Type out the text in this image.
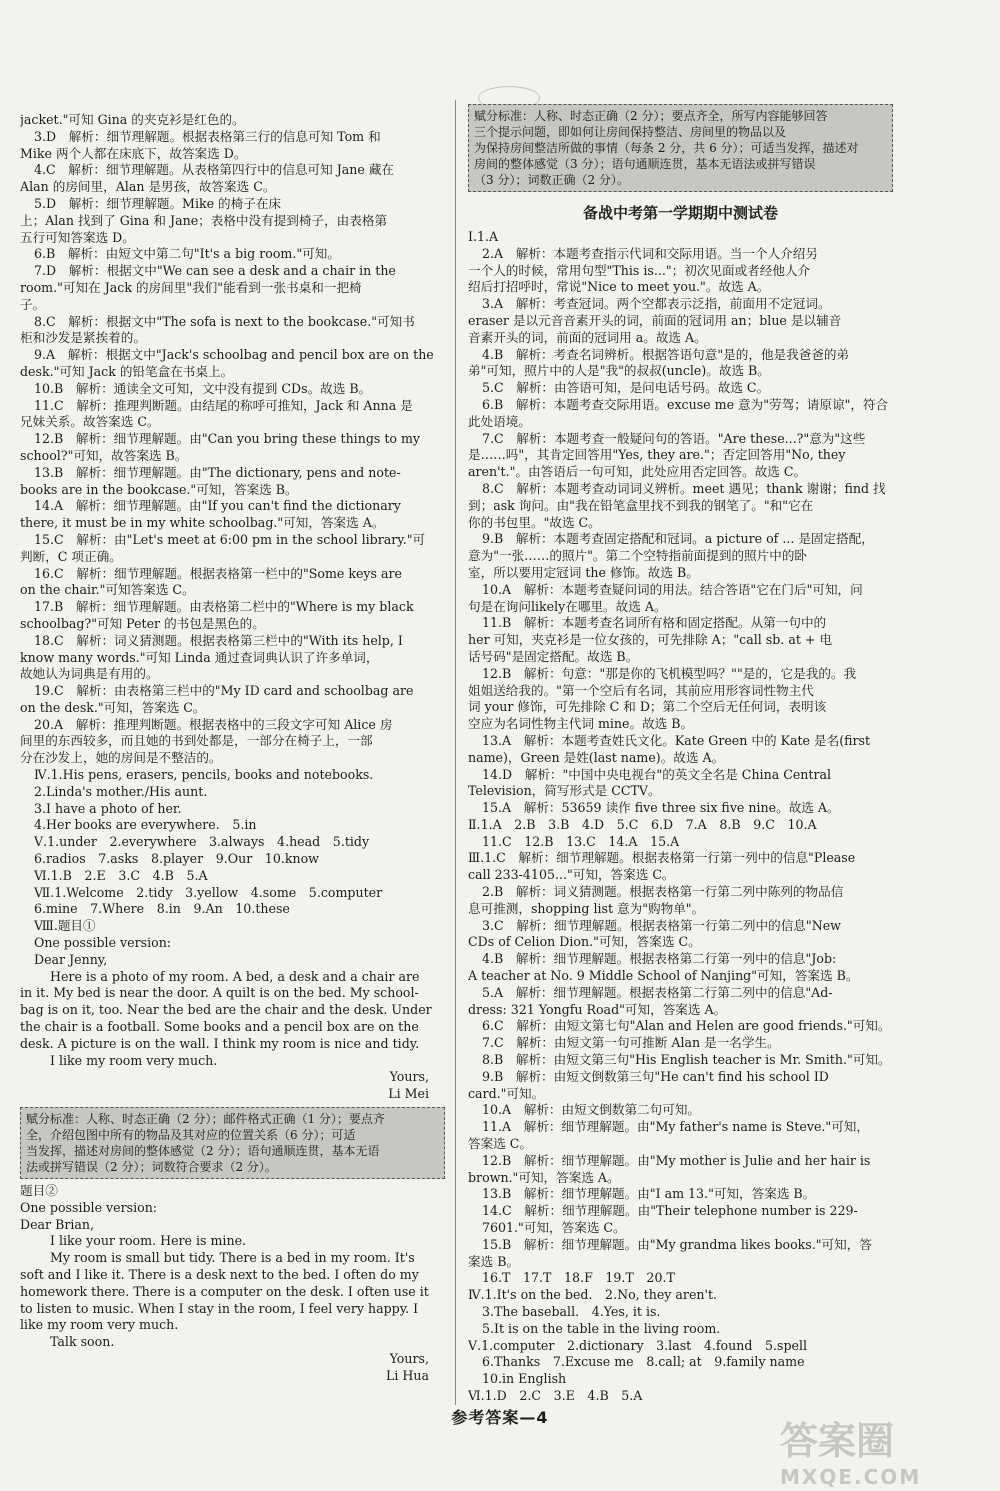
jacket."可知 Gina 的夹克衫是红色的。
3.D　解析：细节理解题。根据表格第三行的信息可知 Tom 和
Mike 两个人都在床底下，故答案选 D。
4.C　解析：细节理解题。从表格第四行中的信息可知 Jane 藏在
Alan 的房间里，Alan 是男孩，故答案选 C。
5.D　解析：细节理解题。Mike 的椅子在床
上；Alan 找到了 Gina 和 Jane；表格中没有提到椅子，由表格第
五行可知答案选 D。
6.B　解析：由短文中第二句"It's a big room."可知。
7.D　解析：根据文中"We can see a desk and a chair in the
room."可知在 Jack 的房间里"我们"能看到一张书桌和一把椅
子。
8.C　解析：根据文中"The sofa is next to the bookcase."可知书
柜和沙发是紧挨着的。
9.A　解析：根据文中"Jack's schoolbag and pencil box are on the
desk."可知 Jack 的铅笔盒在书桌上。
10.B　解析：通读全文可知，文中没有提到 CDs。故选 B。
11.C　解析：推理判断题。由结尾的称呼可推知，Jack 和 Anna 是
兄妹关系。故答案选 C。
12.B　解析：细节理解题。由"Can you bring these things to my
school?"可知，故答案选 B。
13.B　解析：细节理解题。由"The dictionary, pens and note-
books are in the bookcase."可知，答案选 B。
14.A　解析：细节理解题。由"If you can't find the dictionary
there, it must be in my white schoolbag."可知，答案选 A。
15.C　解析：由"Let's meet at 6:00 pm in the school library."可
判断，C 项正确。
16.C　解析：细节理解题。根据表格第一栏中的"Some keys are
on the chair."可知答案选 C。
17.B　解析：细节理解题。由表格第二栏中的"Where is my black
schoolbag?"可知 Peter 的书包是黑色的。
18.C　解析：词义猜测题。根据表格第三栏中的"With its help, I
know many words."可知 Linda 通过查词典认识了许多单词，
故她认为词典是有用的。
19.C　解析：由表格第三栏中的"My ID card and schoolbag are
on the desk."可知，答案选 C。
20.A　解析：推理判断题。根据表格中的三段文字可知 Alice 房
间里的东西较多，而且她的书到处都是，一部分在椅子上，一部
分在沙发上，她的房间是不整洁的。
Ⅳ.1.His pens, erasers, pencils, books and notebooks.
2.Linda's mother./His aunt.
3.I have a photo of her.
4.Her books are everywhere.　5.in
Ⅴ.1.under　2.everywhere　3.always　4.head　5.tidy
6.radios　7.asks　8.player　9.Our　10.know
Ⅵ.1.B　2.E　3.C　4.B　5.A
Ⅶ.1.Welcome　2.tidy　3.yellow　4.some　5.computer
6.mine　7.Where　8.in　9.An　10.these
Ⅷ.题目①
One possible version:
Dear Jenny,
Here is a photo of my room. A bed, a desk and a chair are
in it. My bed is near the door. A quilt is on the bed. My school-
bag is on it, too. Near the bed are the chair and the desk. Under
the chair is a football. Some books and a pencil box are on the
desk. A picture is on the wall. I think my room is nice and tidy.
I like my room very much.
Yours,
Li Mei
赋分标准：人称、时态正确（2 分）；邮件格式正确（1 分）；要点齐
全，介绍包图中所有的物品及其对应的位置关系（6 分）；可适
当发挥，描述对房间的整体感觉（2 分）；语句通顺连贯，基本无语
法或拼写错误（2 分）；词数符合要求（2 分）。
题目②
One possible version:
Dear Brian,
I like your room. Here is mine.
My room is small but tidy. There is a bed in my room. It's
soft and I like it. There is a desk next to the bed. I often do my
homework there. There is a computer on the desk. I often use it
to listen to music. When I stay in the room, I feel very happy. I
like my room very much.
Talk soon.
Yours,
Li Hua
赋分标准：人称、时态正确（2 分）；要点齐全，所写内容能够回答
三个提示问题，即如何让房间保持整洁、房间里的物品以及
为保持房间整洁所做的事情（每条 2 分，共 6 分）；可适当发挥，描述对
房间的整体感觉（3 分）；语句通顺连贯，基本无语法或拼写错误
（3 分）；词数正确（2 分）。
备战中考第一学期期中测试卷
Ⅰ.1.A
2.A　解析：本题考查指示代词和交际用语。当一个人介绍另
一个人的时候，常用句型"This is..."；初次见面或者经他人介
绍后打招呼时，常说"Nice to meet you."。故选 A。
3.A　解析：考查冠词。两个空都表示泛指，前面用不定冠词。
eraser 是以元音音素开头的词，前面的冠词用 an；blue 是以辅音
音素开头的词，前面的冠词用 a。故选 A。
4.B　解析：考查名词辨析。根据答语句意"是的，他是我爸爸的弟
弟"可知，照片中的人是"我"的叔叔(uncle)。故选 B。
5.C　解析：由答语可知，是问电话号码。故选 C。
6.B　解析：本题考查交际用语。excuse me 意为"劳驾；请原谅"，符合
此处语境。
7.C　解析：本题考查一般疑问句的答语。"Are these...?"意为"这些
是……吗"，其肯定回答用"Yes, they are."；否定回答用"No, they
aren't."。由答语后一句可知，此处应用否定回答。故选 C。
8.C　解析：本题考查动词词义辨析。meet 遇见；thank 谢谢；find 找
到；ask 询问。由"我在铅笔盒里找不到我的钢笔了。"和"它在
你的书包里。"故选 C。
9.B　解析：本题考查固定搭配和冠词。a picture of ... 是固定搭配，
意为"一张……的照片"。第二个空特指前面提到的照片中的卧
室，所以要用定冠词 the 修饰。故选 B。
10.A　解析：本题考查疑问词的用法。结合答语"它在门后"可知，问
句是在询问likely在哪里。故选 A。
11.B　解析：本题考查名词所有格和固定搭配。从第一句中的
her 可知，夹克衫是一位女孩的，可先排除 A；"call sb. at + 电
话号码"是固定搭配。故选 B。
12.B　解析：句意："那是你的飞机模型吗？""是的，它是我的。我
姐姐送给我的。"第一个空后有名词，其前应用形容词性物主代
词 your 修饰，可先排除 C 和 D；第二个空后无任何词，表明该
空应为名词性物主代词 mine。故选 B。
13.A　解析：本题考查姓氏文化。Kate Green 中的 Kate 是名(first
name)，Green 是姓(last name)。故选 A。
14.D　解析："中国中央电视台"的英文全名是 China Central
Television，简写形式是 CCTV。
15.A　解析：53659 读作 five three six five nine。故选 A。
Ⅱ.1.A　2.B　3.B　4.D　5.C　6.D　7.A　8.B　9.C　10.A
11.C　12.B　13.C　14.A　15.A
Ⅲ.1.C　解析：细节理解题。根据表格第一行第一列中的信息"Please
call 233-4105..."可知，答案选 C。
2.B　解析：词义猜测题。根据表格第一行第二列中陈列的物品信
息可推测，shopping list 意为"购物单"。
3.C　解析：细节理解题。根据表格第一行第二列中的信息"New
CDs of Celion Dion."可知，答案选 C。
4.B　解析：细节理解题。根据表格第二行第一列中的信息"Job:
A teacher at No. 9 Middle School of Nanjing"可知，答案选 B。
5.A　解析：细节理解题。根据表格第二行第二列中的信息"Ad-
dress: 321 Yongfu Road"可知，答案选 A。
6.C　解析：由短文第七句"Alan and Helen are good friends."可知。
7.C　解析：由短文第一句可推断 Alan 是一名学生。
8.B　解析：由短文第三句"His English teacher is Mr. Smith."可知。
9.B　解析：由短文倒数第三句"He can't find his school ID
card."可知。
10.A　解析：由短文倒数第二句可知。
11.A　解析：细节理解题。由"My father's name is Steve."可知，
答案选 C。
12.B　解析：细节理解题。由"My mother is Julie and her hair is
brown."可知，答案选 A。
13.B　解析：细节理解题。由"I am 13."可知，答案选 B。
14.C　解析：细节理解题。由"Their telephone number is 229-
7601."可知，答案选 C。
15.B　解析：细节理解题。由"My grandma likes books."可知，答
案选 B。
16.T　17.T　18.F　19.T　20.T
Ⅳ.1.It's on the bed.　2.No, they aren't.
3.The baseball.　4.Yes, it is.
5.It is on the table in the living room.
Ⅴ.1.computer　2.dictionary　3.last　4.found　5.spell
6.Thanks　7.Excuse me　8.call; at　9.family name
10.in English
Ⅵ.1.D　2.C　3.E　4.B　5.A
参考答案—4
答案圈
MXQE.COM
